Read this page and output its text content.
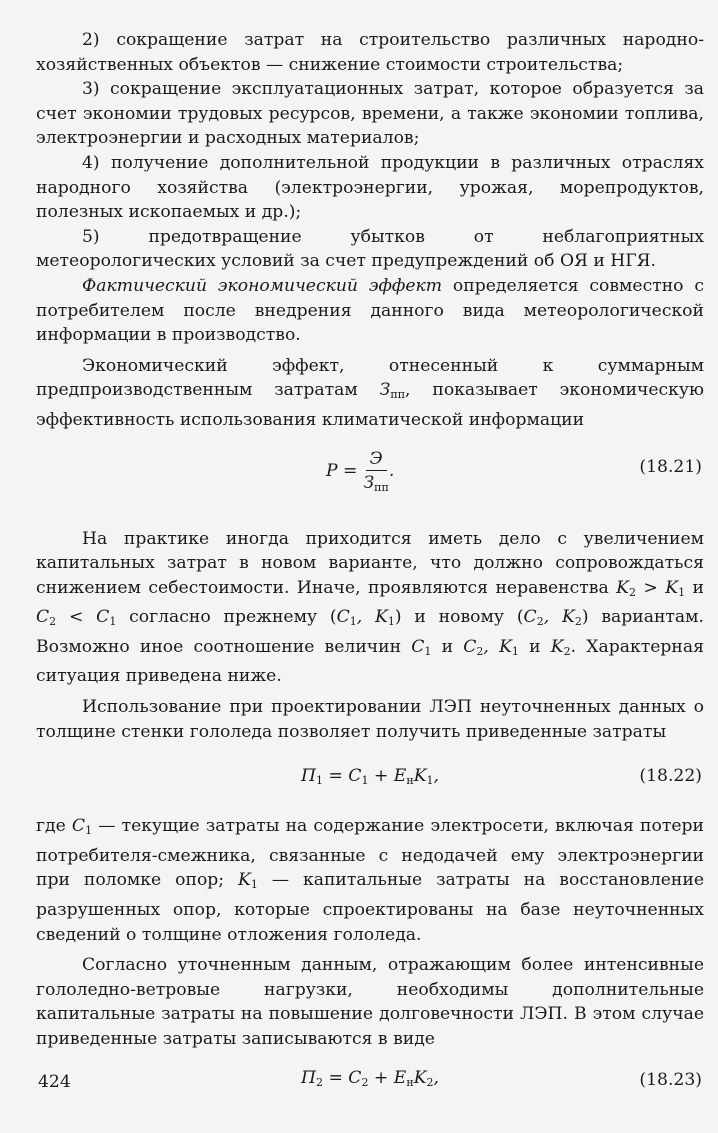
2) сокращение затрат на строительство различных народнохозяйственных объектов — снижение стоимости строительства;

3) сокращение эксплуатационных затрат, которое образуется за счет экономии трудовых ресурсов, времени, а также экономии топлива, электроэнергии и расходных материалов;

4) получение дополнительной продукции в различных отраслях народного хозяйства (электроэнергии, урожая, морепродуктов, полезных ископаемых и др.);

5) предотвращение убытков от неблагоприятных метеорологических условий за счет предупреждений об ОЯ и НГЯ.

Фактический экономический эффект определяется совместно с потребителем после внедрения данного вида метеорологической информации в производство.

Экономический эффект, отнесенный к суммарным предпроизводственным затратам $З_{пп}$, показывает экономическую эффективность использования климатической информации

$P = \frac{Э}{З_{пп}}$ .	(18.21)

На практике иногда приходится иметь дело с увеличением капитальных затрат в новом варианте, что должно сопровождаться снижением себестоимости. Иначе, проявляются неравенства $K_2 > K_1$ и $C_2 < C_1$ согласно прежнему ($C_1$, $K_1$) и новому ($C_2$, $K_2$) вариантам. Возможно иное соотношение величин $C_1$ и $C_2$, $K_1$ и $K_2$. Характерная ситуация приведена ниже.

Использование при проектировании ЛЭП неуточненных данных о толщине стенки гололеда позволяет получить приведенные затраты

$П_1 = C_1 + E_нK_1$,	(18.22)

где $C_1$ — текущие затраты на содержание электросети, включая потери потребителя-смежника, связанные с недодачей ему электроэнергии при поломке опор; $K_1$ — капитальные затраты на восстановление разрушенных опор, которые спроектированы на базе неуточненных сведений о толщине отложения гололеда.

Согласно уточненным данным, отражающим более интенсивные гололедно-ветровые нагрузки, необходимы дополнительные капитальные затраты на повышение долговечности ЛЭП. В этом случае приведенные затраты записываются в виде

$П_2 = C_2 + E_нK_2$,	(18.23)
424
